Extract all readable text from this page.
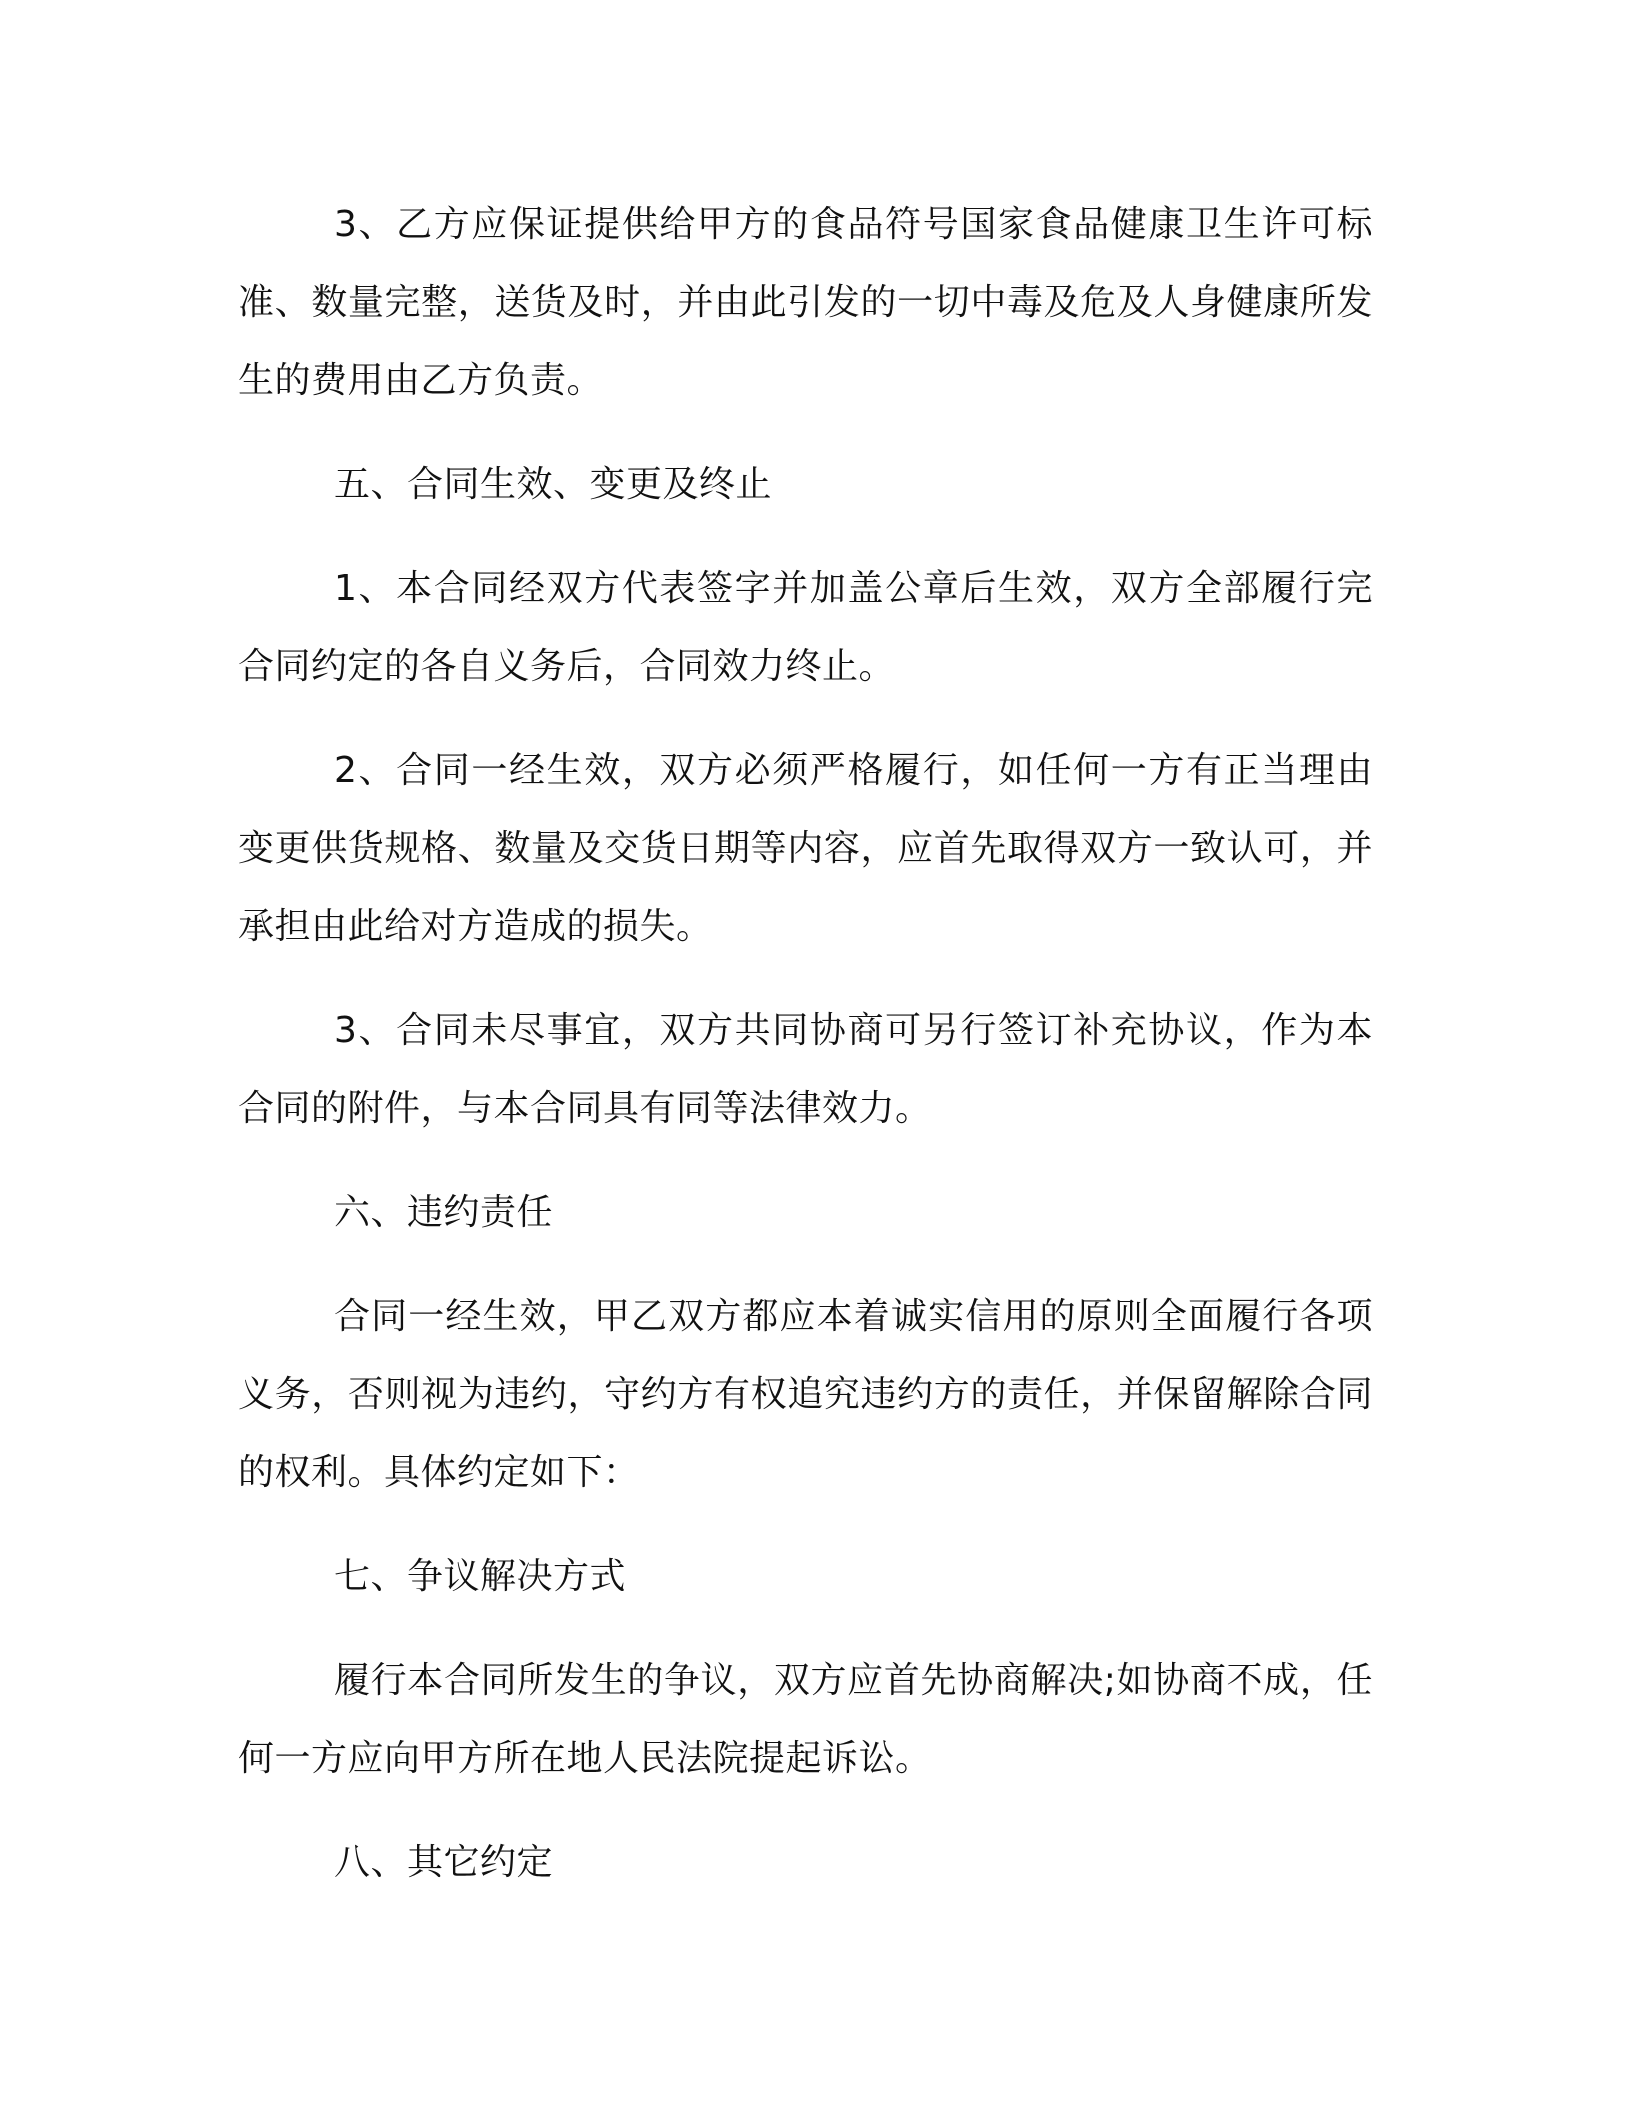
3、乙方应保证提供给甲方的食品符号国家食品健康卫生许可标准、数量完整，送货及时，并由此引发的一切中毒及危及人身健康所发生的费用由乙方负责。

五、合同生效、变更及终止

1、本合同经双方代表签字并加盖公章后生效，双方全部履行完合同约定的各自义务后，合同效力终止。

2、合同一经生效，双方必须严格履行，如任何一方有正当理由变更供货规格、数量及交货日期等内容，应首先取得双方一致认可，并承担由此给对方造成的损失。

3、合同未尽事宜，双方共同协商可另行签订补充协议，作为本合同的附件，与本合同具有同等法律效力。

六、违约责任

合同一经生效，甲乙双方都应本着诚实信用的原则全面履行各项义务，否则视为违约，守约方有权追究违约方的责任，并保留解除合同的权利。具体约定如下：

七、争议解决方式

履行本合同所发生的争议，双方应首先协商解决;如协商不成，任何一方应向甲方所在地人民法院提起诉讼。

八、其它约定
